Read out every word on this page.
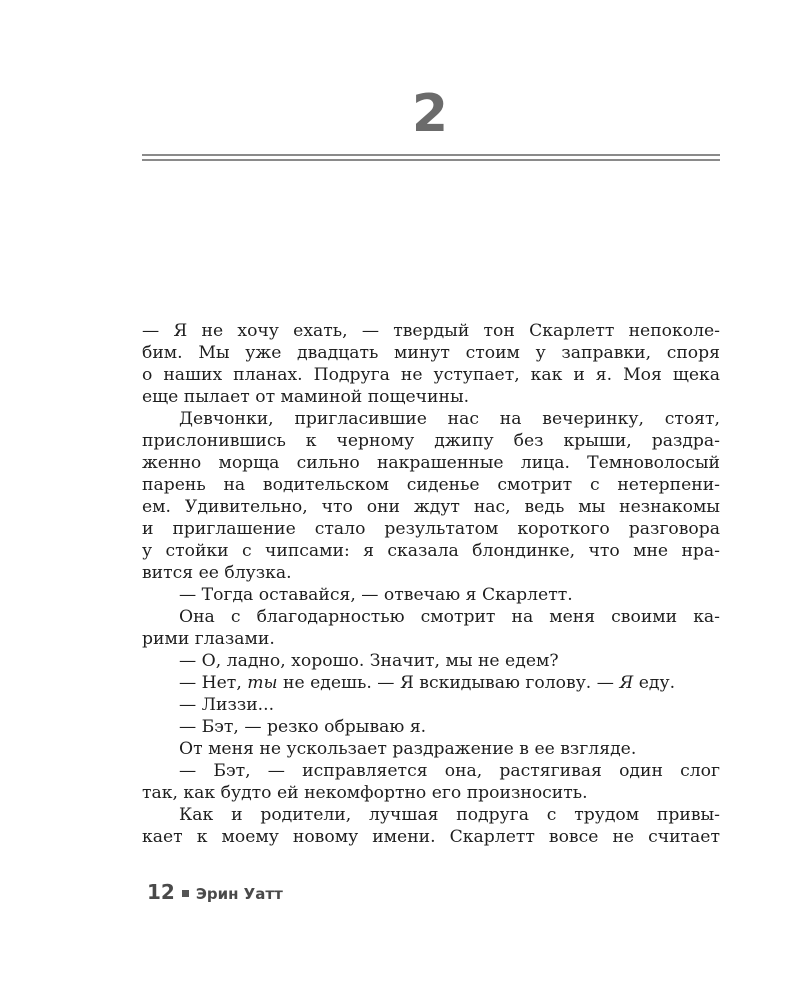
2
— Я не хочу ехать, — твердый тон Скарлетт непоколе-
бим. Мы уже двадцать минут стоим у заправки, споря
о наших планах. Подруга не уступает, как и я. Моя щека
еще пылает от маминой пощечины.
Девчонки, пригласившие нас на вечеринку, стоят,
прислонившись к черному джипу без крыши, раздра-
женно морща сильно накрашенные лица. Темноволосый
парень на водительском сиденье смотрит с нетерпени-
ем. Удивительно, что они ждут нас, ведь мы незнакомы
и приглашение стало результатом короткого разговора
у стойки с чипсами: я сказала блондинке, что мне нра-
вится ее блузка.
— Тогда оставайся, — отвечаю я Скарлетт.
Она с благодарностью смотрит на меня своими ка-
рими глазами.
— О, ладно, хорошо. Значит, мы не едем?
— Нет, ты не едешь. — Я вскидываю голову. — Я еду.
— Лиззи...
— Бэт, — резко обрываю я.
От меня не ускользает раздражение в ее взгляде.
— Бэт, — исправляется она, растягивая один слог
так, как будто ей некомфортно его произносить.
Как и родители, лучшая подруга с трудом привы-
кает к моему новому имени. Скарлетт вовсе не считает
12 Эрин Уатт
